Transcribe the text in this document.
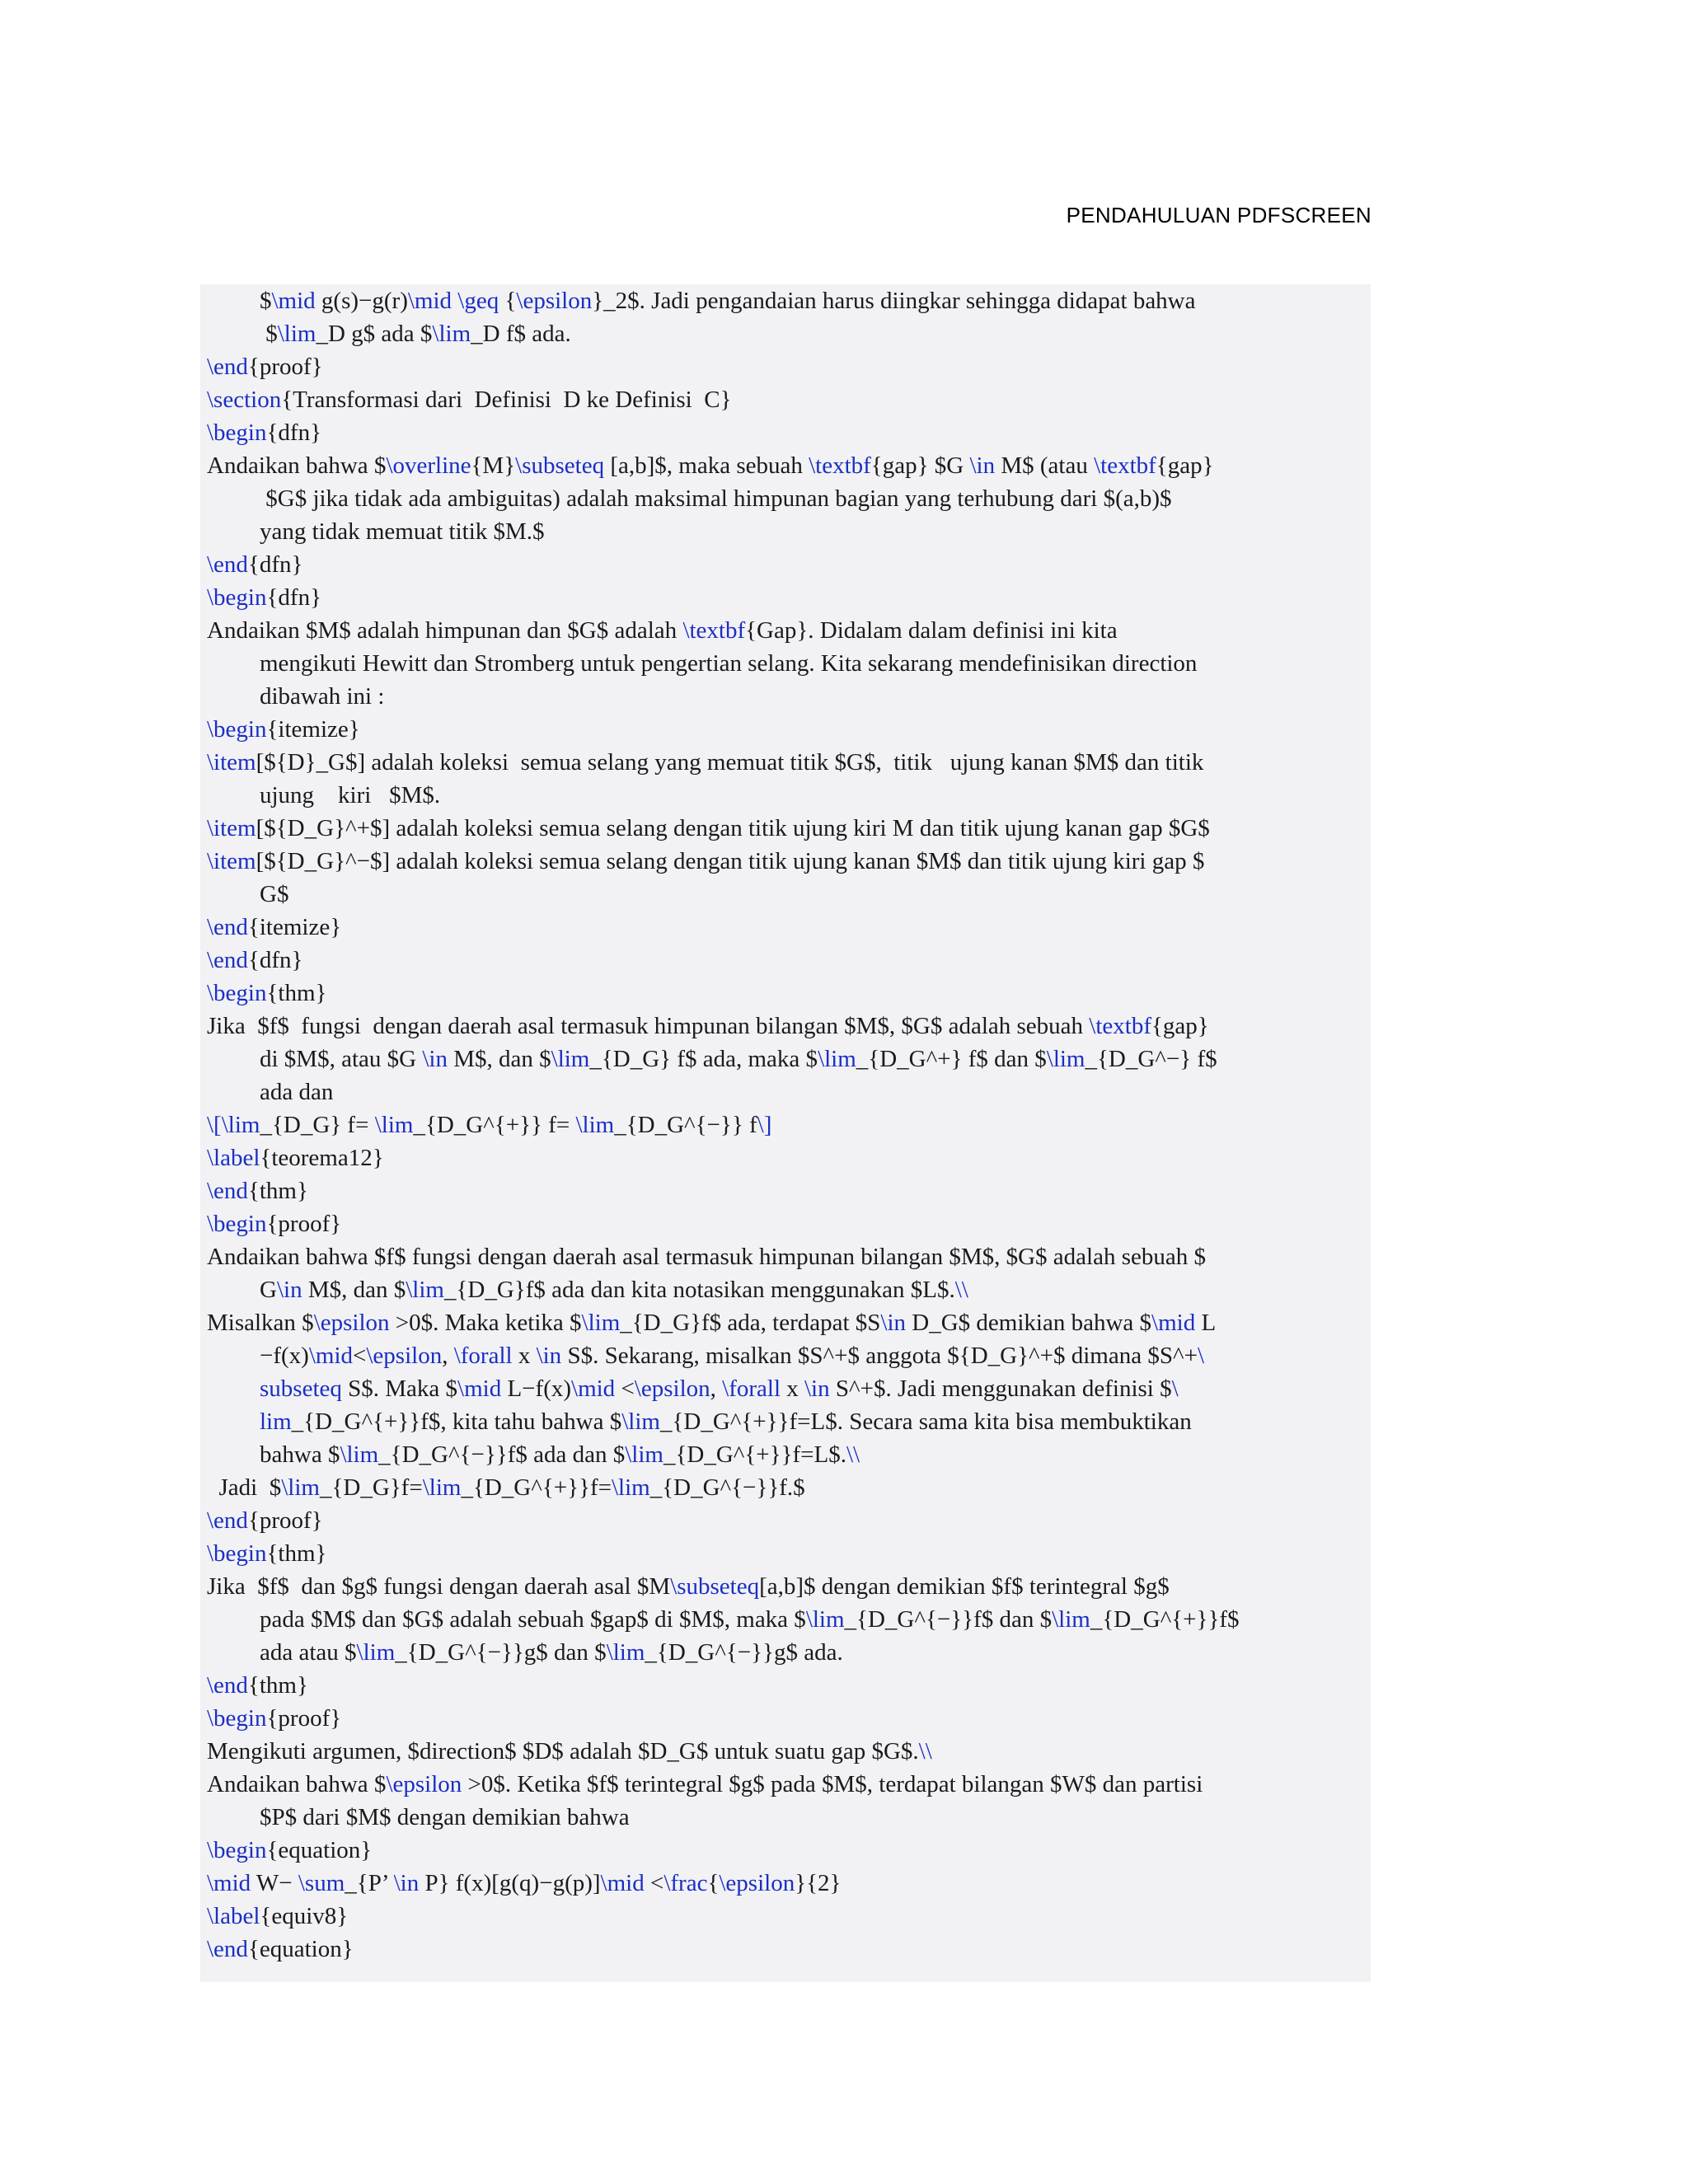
PENDAHULUAN PDFSCREEN
$\mid g(s)−g(r)\mid \geq {\epsilon}_2$. Jadi pengandaian harus diingkar sehingga didapat bahwa
$\lim_D g$ ada $\lim_D f$ ada.
\end{proof}
\section{Transformasi dari  Definisi  D ke Definisi  C}
\begin{dfn}
Andaikan bahwa $\overline{M}\subseteq [a,b]$, maka sebuah \textbf{gap} $G \in M$ (atau \textbf{gap}
$G$ jika tidak ada ambiguitas) adalah maksimal himpunan bagian yang terhubung dari $(a,b)$
yang tidak memuat titik $M.$
\end{dfn}
\begin{dfn}
Andaikan $M$ adalah himpunan dan $G$ adalah \textbf{Gap}. Didalam dalam definisi ini kita
mengikuti Hewitt dan Stromberg untuk pengertian selang. Kita sekarang mendefinisikan direction
dibawah ini :
\begin{itemize}
\item[${D}_G$] adalah koleksi  semua selang yang memuat titik $G$,  titik   ujung kanan $M$ dan titik
ujung    kiri   $M$.
\item[${D_G}^+$] adalah koleksi semua selang dengan titik ujung kiri M dan titik ujung kanan gap $G$
\item[${D_G}^−$] adalah koleksi semua selang dengan titik ujung kanan $M$ dan titik ujung kiri gap $
G$
\end{itemize}
\end{dfn}
\begin{thm}
Jika  $f$  fungsi  dengan daerah asal termasuk himpunan bilangan $M$, $G$ adalah sebuah \textbf{gap}
di $M$, atau $G \in M$, dan $\lim_{D_G} f$ ada, maka $\lim_{D_G^+} f$ dan $\lim_{D_G^−} f$
ada dan
\[\lim_{D_G} f= \lim_{D_G^{+}} f= \lim_{D_G^{−}} f\]
\label{teorema12}
\end{thm}
\begin{proof}
Andaikan bahwa $f$ fungsi dengan daerah asal termasuk himpunan bilangan $M$, $G$ adalah sebuah $
G\in M$, dan $\lim_{D_G}f$ ada dan kita notasikan menggunakan $L$.\\
Misalkan $\epsilon >0$. Maka ketika $\lim_{D_G}f$ ada, terdapat $S\in D_G$ demikian bahwa $\mid L
−f(x)\mid<\epsilon, \forall x \in S$. Sekarang, misalkan $S^+$ anggota ${D_G}^+$ dimana $S^+\
subseteq S$. Maka $\mid L−f(x)\mid <\epsilon, \forall x \in S^+$. Jadi menggunakan definisi $\
lim_{D_G^{+}}f$, kita tahu bahwa $\lim_{D_G^{+}}f=L$. Secara sama kita bisa membuktikan
bahwa $\lim_{D_G^{−}}f$ ada dan $\lim_{D_G^{+}}f=L$.\\
Jadi  $\lim_{D_G}f=\lim_{D_G^{+}}f=\lim_{D_G^{−}}f.$
\end{proof}
\begin{thm}
Jika  $f$  dan $g$ fungsi dengan daerah asal $M\subseteq[a,b]$ dengan demikian $f$ terintegral $g$
pada $M$ dan $G$ adalah sebuah $gap$ di $M$, maka $\lim_{D_G^{−}}f$ dan $\lim_{D_G^{+}}f$
ada atau $\lim_{D_G^{−}}g$ dan $\lim_{D_G^{−}}g$ ada.
\end{thm}
\begin{proof}
Mengikuti argumen, $direction$ $D$ adalah $D_G$ untuk suatu gap $G$.\\
Andaikan bahwa $\epsilon >0$. Ketika $f$ terintegral $g$ pada $M$, terdapat bilangan $W$ dan partisi
$P$ dari $M$ dengan demikian bahwa
\begin{equation}
\mid W− \sum_{P’ \in P} f(x)[g(q)−g(p)]\mid <\frac{\epsilon}{2}
\label{equiv8}
\end{equation}
